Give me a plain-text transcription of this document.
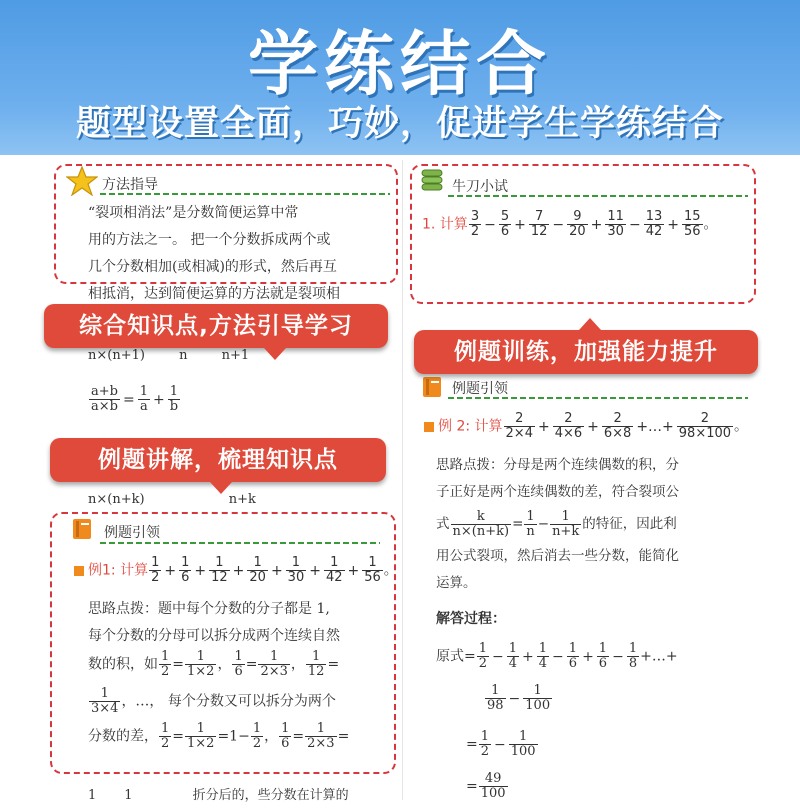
学练结合
题型设置全面，巧妙，促进学生学练结合
方法指导
“裂项相消法”是分数简便运算中常
用的方法之一。 把一个分数拆成两个或
几个分数相加(或相减)的形式，然后再互
相抵消，达到简便运算的方法就是裂项相
n×(n+1)	n	n+1
$\frac{a+b}{a\times b} = \frac{1}{a} + \frac{1}{b}$
n×(n+k)	n+k
例题引领
例1: 计算 $\frac{1}{2} + \frac{1}{6} + \frac{1}{12} + \frac{1}{20} + \frac{1}{30} + \frac{1}{42} + \frac{1}{56}$ 。
思路点拨：题中每个分数的分子都是 1,
每个分数的分母可以拆分成两个连续自然
数的积，如 $\frac{1}{2} = \frac{1}{1\times 2}$ ， $\frac{1}{6} = \frac{1}{2\times 3}$ ， $\frac{1}{12}$ =
$\frac{1}{3\times 4}$ ，…， 每个分数又可以拆分为两个
分数的差， $\frac{1}{2} = \frac{1}{1\times 2} =1- \frac{1}{2}$ ， $\frac{1}{6} = \frac{1}{2\times 3}$ =
1 1	折分后的，些分数在计算的
牛刀小试
1. 计算 $\frac{3}{2} - \frac{5}{6} + \frac{7}{12} - \frac{9}{20} + \frac{11}{30} - \frac{13}{42} + \frac{15}{56}$ 。
例题引领
例 2: 计算 $\frac{2}{2\times 4} + \frac{2}{4\times 6} + \frac{2}{6\times 8}$ +…+ $\frac{2}{98\times 100}$ 。
思路点拨：分母是两个连续偶数的积，分
子正好是两个连续偶数的差，符合裂项公
式 $\frac{k}{n\times(n+k)} = \frac{1}{n} - \frac{1}{n+k}$ 的特征，因此利
用公式裂项，然后消去一些分数，能简化
运算。
解答过程：
原式= $\frac{1}{2} - \frac{1}{4} + \frac{1}{4} - \frac{1}{6} + \frac{1}{6} - \frac{1}{8}$ +…+
$\frac{1}{98} - \frac{1}{100}$
= $\frac{1}{2} - \frac{1}{100}$
= $\frac{49}{100}$
综合知识点,方法引导学习
例题训练，加强能力提升
例题讲解，梳理知识点
